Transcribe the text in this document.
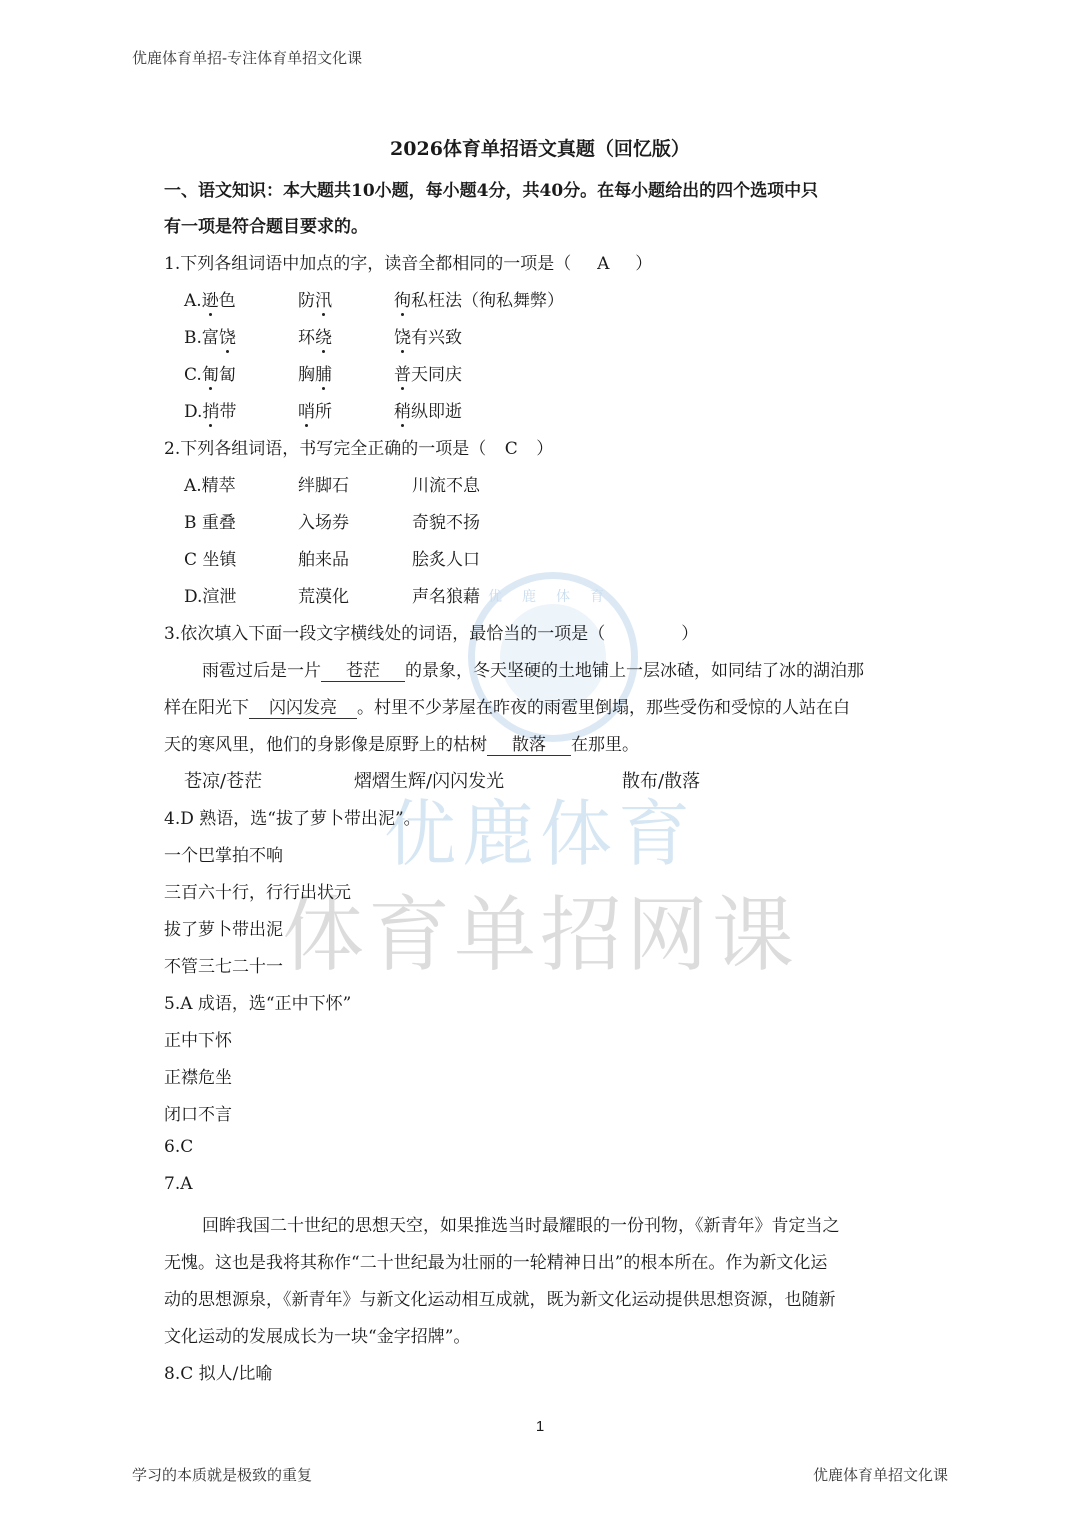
优鹿体育
优鹿体育
体育单招网课
优鹿体育单招-专注体育单招文化课
2026体育单招语文真题（回忆版）
一、语文知识：本大题共10小题，每小题4分，共40分。在每小题给出的四个选项中只
有一项是符合题目要求的。
1.下列各组词语中加点的字，读音全都相同的一项是（ A ）
A.逊色	防汛	徇私枉法（徇私舞弊）
B.富饶	环绕	饶有兴致
C.匍匐	胸脯	普天同庆
D.捎带	哨所	稍纵即逝
2.下列各组词语，书写完全正确的一项是（ C ）
A.精萃	绊脚石	川流不息
B 重叠	入场券	奇貌不扬
C 坐镇	舶来品	脍炙人口
D.渲泄	荒漠化	声名狼藉
3.依次填入下面一段文字横线处的词语，最恰当的一项是（	）
雨雹过后是一片 苍茫 的景象，冬天坚硬的土地铺上一层冰碴，如同结了冰的湖泊那
样在阳光下 闪闪发亮 。村里不少茅屋在昨夜的雨雹里倒塌，那些受伤和受惊的人站在白
天的寒风里，他们的身影像是原野上的枯树 散落 在那里。
苍凉/苍茫	熠熠生辉/闪闪发光	散布/散落
4.D 熟语，选“拔了萝卜带出泥”。
一个巴掌拍不响
三百六十行，行行出状元
拔了萝卜带出泥
不管三七二十一
5.A 成语，选“正中下怀”
正中下怀
正襟危坐
闭口不言
6.C
7.A
回眸我国二十世纪的思想天空，如果推选当时最耀眼的一份刊物，《新青年》肯定当之
无愧。这也是我将其称作“二十世纪最为壮丽的一轮精神日出”的根本所在。作为新文化运
动的思想源泉，《新青年》与新文化运动相互成就，既为新文化运动提供思想资源，也随新
文化运动的发展成长为一块“金字招牌”。
8.C 拟人/比喻
1
学习的本质就是极致的重复	优鹿体育单招文化课
